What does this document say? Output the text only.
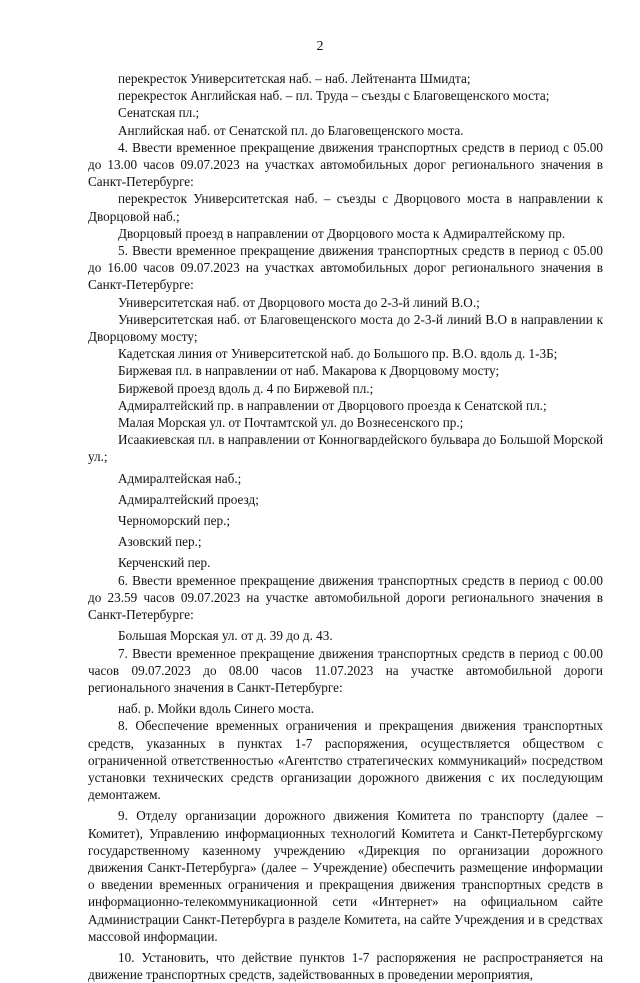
2

перекресток Университетская наб. – наб. Лейтенанта Шмидта;

перекресток Английская наб. – пл. Труда – съезды с Благовещенского моста;

Сенатская пл.;

Английская наб. от Сенатской пл. до Благовещенского моста.

4. Ввести временное прекращение движения транспортных средств в период с 05.00 до 13.00 часов 09.07.2023 на участках автомобильных дорог регионального значения в Санкт-Петербурге:

перекресток Университетская наб. – съезды с Дворцового моста в направлении к Дворцовой наб.;

Дворцовый проезд в направлении от Дворцового моста к Адмиралтейскому пр.

5. Ввести временное прекращение движения транспортных средств в период с 05.00 до 16.00 часов 09.07.2023 на участках автомобильных дорог регионального значения в Санкт-Петербурге:

Университетская наб. от Дворцового моста до 2-3-й линий В.О.;

Университетская наб. от Благовещенского моста до 2-3-й линий В.О в направлении к Дворцовому мосту;

Кадетская линия от Университетской наб. до Большого пр. В.О. вдоль д. 1-3Б;

Биржевая пл. в направлении от наб. Макарова к Дворцовому мосту;

Биржевой проезд вдоль д. 4 по Биржевой пл.;

Адмиралтейский пр. в направлении от Дворцового проезда к Сенатской пл.;

Малая Морская ул. от Почтамтской ул. до Вознесенского пр.;

Исаакиевская пл. в направлении от Конногвардейского бульвара до Большой Морской ул.;

Адмиралтейская наб.;

Адмиралтейский проезд;

Черноморский пер.;

Азовский пер.;

Керченский пер.

6. Ввести временное прекращение движения транспортных средств в период с 00.00 до 23.59 часов 09.07.2023 на участке автомобильной дороги регионального значения в Санкт-Петербурге:

Большая Морская ул. от д. 39 до д. 43.

7. Ввести временное прекращение движения транспортных средств в период с 00.00 часов 09.07.2023 до 08.00 часов 11.07.2023 на участке автомобильной дороги регионального значения в Санкт-Петербурге:

наб. р. Мойки вдоль Синего моста.

8. Обеспечение временных ограничения и прекращения движения транспортных средств, указанных в пунктах 1-7 распоряжения, осуществляется обществом с ограниченной ответственностью «Агентство стратегических коммуникаций» посредством установки технических средств организации дорожного движения с их последующим демонтажем.

9. Отделу организации дорожного движения Комитета по транспорту (далее – Комитет), Управлению информационных технологий Комитета и Санкт-Петербургскому государственному казенному учреждению «Дирекция по организации дорожного движения Санкт-Петербурга» (далее – Учреждение) обеспечить размещение информации о введении временных ограничения и прекращения движения транспортных средств в информационно-телекоммуникационной сети «Интернет» на официальном сайте Администрации Санкт-Петербурга в разделе Комитета, на сайте Учреждения и в средствах массовой информации.

10. Установить, что действие пунктов 1-7 распоряжения не распространяется на движение транспортных средств, задействованных в проведении мероприятия,
